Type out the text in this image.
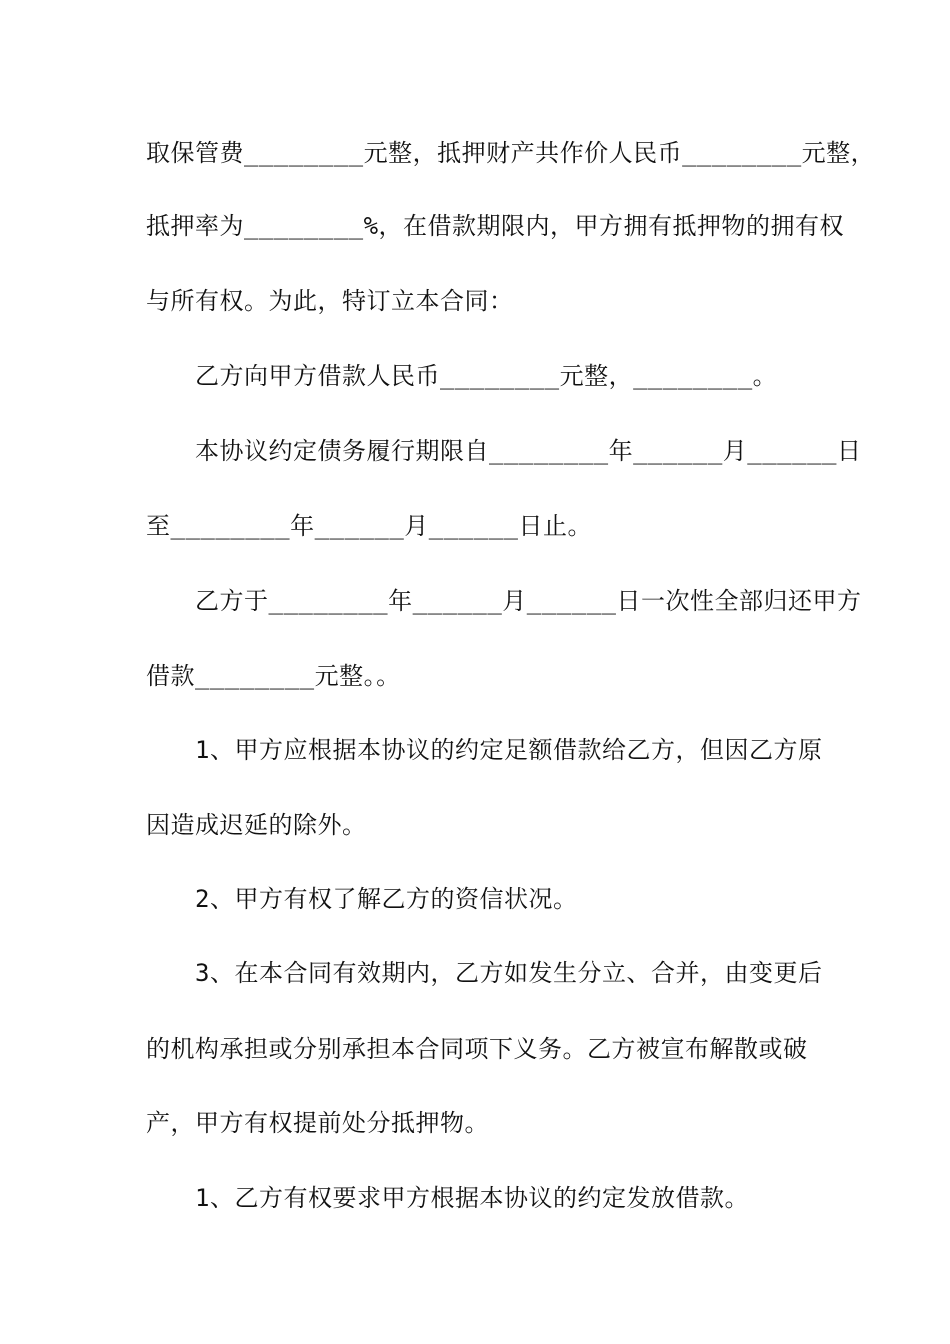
取保管费________元整，抵押财产共作价人民币________元整，
抵押率为________%，在借款期限内，甲方拥有抵押物的拥有权
与所有权。为此，特订立本合同：
　　乙方向甲方借款人民币________元整，________。
　　本协议约定债务履行期限自________年______月______日
至________年______月______日止。
　　乙方于________年______月______日一次性全部归还甲方
借款________元整。。
　　1、甲方应根据本协议的约定足额借款给乙方，但因乙方原
因造成迟延的除外。
　　2、甲方有权了解乙方的资信状况。
　　3、在本合同有效期内，乙方如发生分立、合并，由变更后
的机构承担或分别承担本合同项下义务。乙方被宣布解散或破
产，甲方有权提前处分抵押物。
　　1、乙方有权要求甲方根据本协议的约定发放借款。
